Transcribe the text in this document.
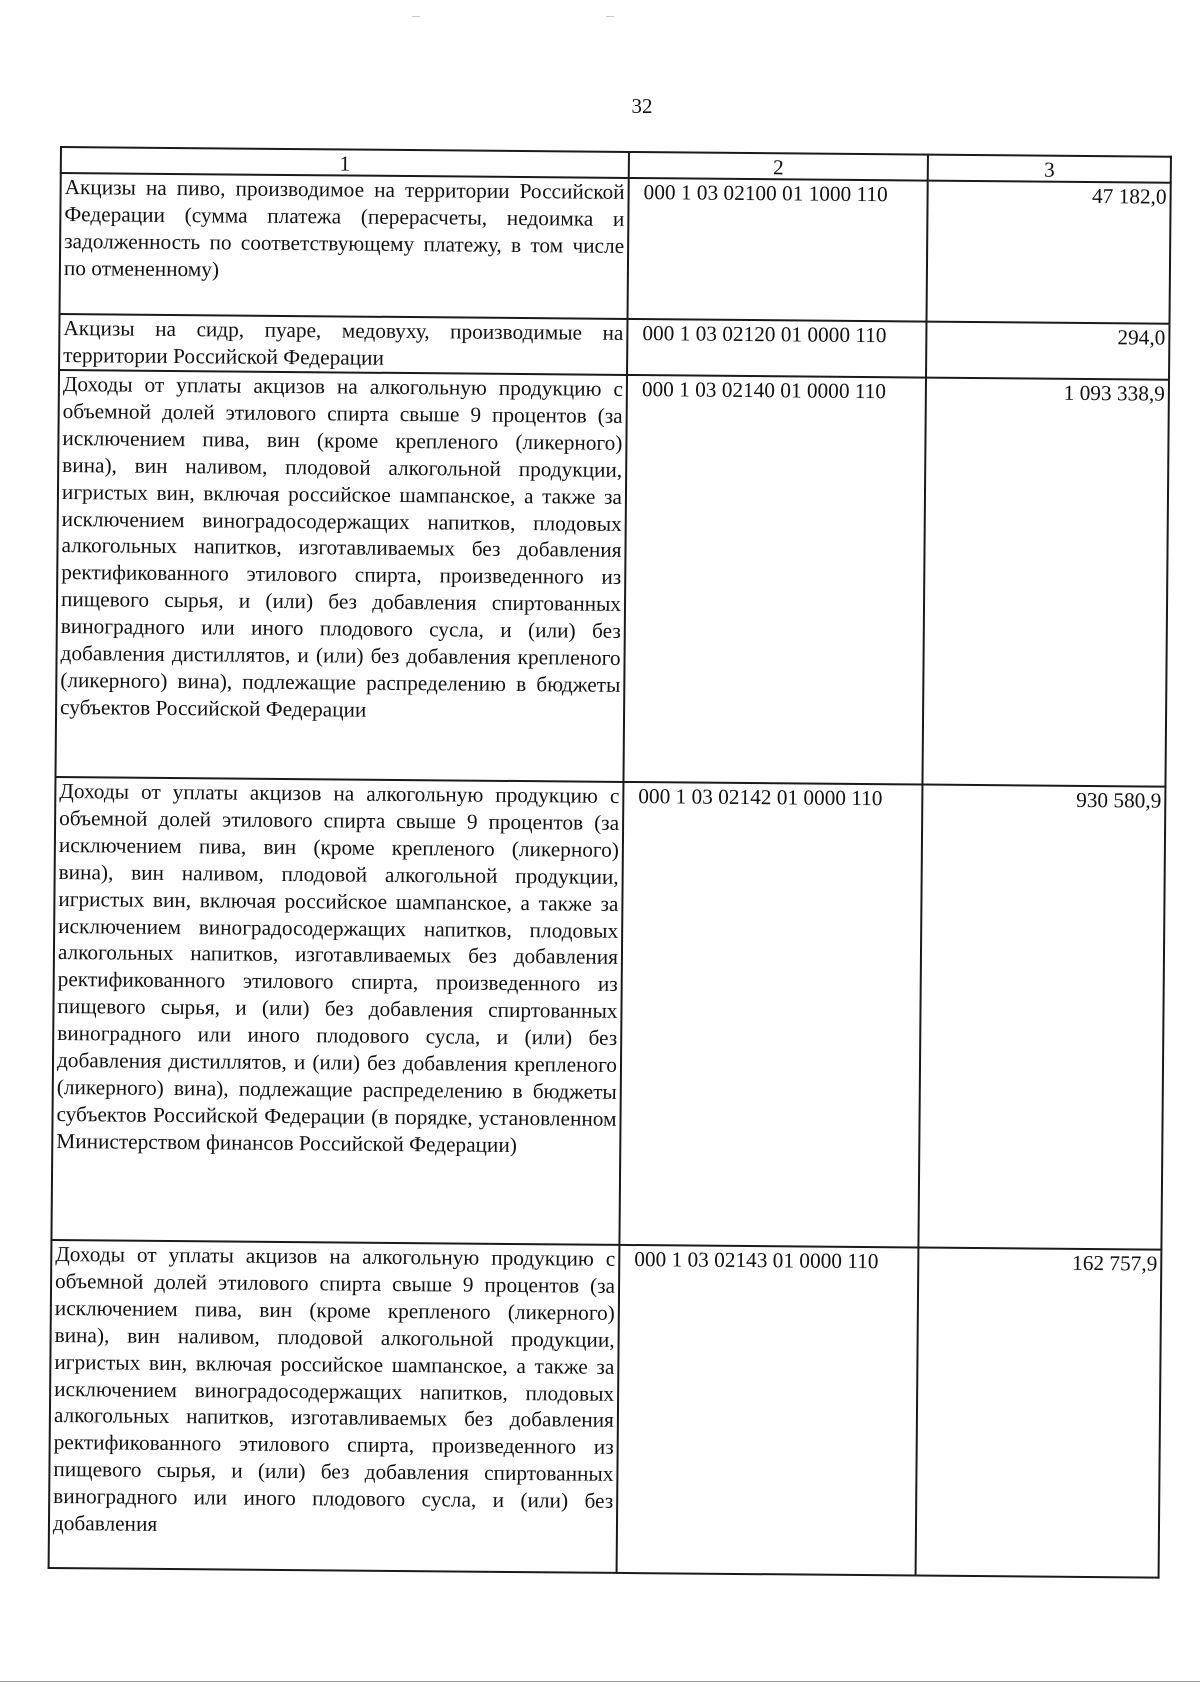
32
1	2	3
Акцизы на пиво, производимое на территории Российской Федерации (сумма платежа (перерасчеты, недоимка и задолженность по соответствующему платежу, в том числе по отмененному)	000 1 03 02100 01 1000 110	47 182,0
Акцизы на сидр, пуаре, медовуху, производимые на территории Российской Федерации	000 1 03 02120 01 0000 110	294,0
Доходы от уплаты акцизов на алкогольную продукцию с объемной долей этилового спирта свыше 9 процентов (за исключением пива, вин (кроме крепленого (ликерного) вина), вин наливом, плодовой алкогольной продукции, игристых вин, включая российское шампанское, а также за исключением виноградосодержащих напитков, плодовых алкогольных напитков, изготавливаемых без добавления ректификованного этилового спирта, произведенного из пищевого сырья, и (или) без добавления спиртованных виноградного или иного плодового сусла, и (или) без добавления дистиллятов, и (или) без добавления крепленого (ликерного) вина), подлежащие распределению в бюджеты субъектов Российской Федерации	000 1 03 02140 01 0000 110	1 093 338,9
Доходы от уплаты акцизов на алкогольную продукцию с объемной долей этилового спирта свыше 9 процентов (за исключением пива, вин (кроме крепленого (ликерного) вина), вин наливом, плодовой алкогольной продукции, игристых вин, включая российское шампанское, а также за исключением виноградосодержащих напитков, плодовых алкогольных напитков, изготавливаемых без добавления ректификованного этилового спирта, произведенного из пищевого сырья, и (или) без добавления спиртованных виноградного или иного плодового сусла, и (или) без добавления дистиллятов, и (или) без добавления крепленого (ликерного) вина), подлежащие распределению в бюджеты субъектов Российской Федерации (в порядке, установленном Министерством финансов Российской Федерации)	000 1 03 02142 01 0000 110	930 580,9
Доходы от уплаты акцизов на алкогольную продукцию с объемной долей этилового спирта свыше 9 процентов (за исключением пива, вин (кроме крепленого (ликерного) вина), вин наливом, плодовой алкогольной продукции, игристых вин, включая российское шампанское, а также за исключением виноградосодержащих напитков, плодовых алкогольных напитков, изготавливаемых без добавления ректификованного этилового спирта, произведенного из пищевого сырья, и (или) без добавления спиртованных виноградного или иного плодового сусла, и (или) без добавления	000 1 03 02143 01 0000 110	162 757,9
